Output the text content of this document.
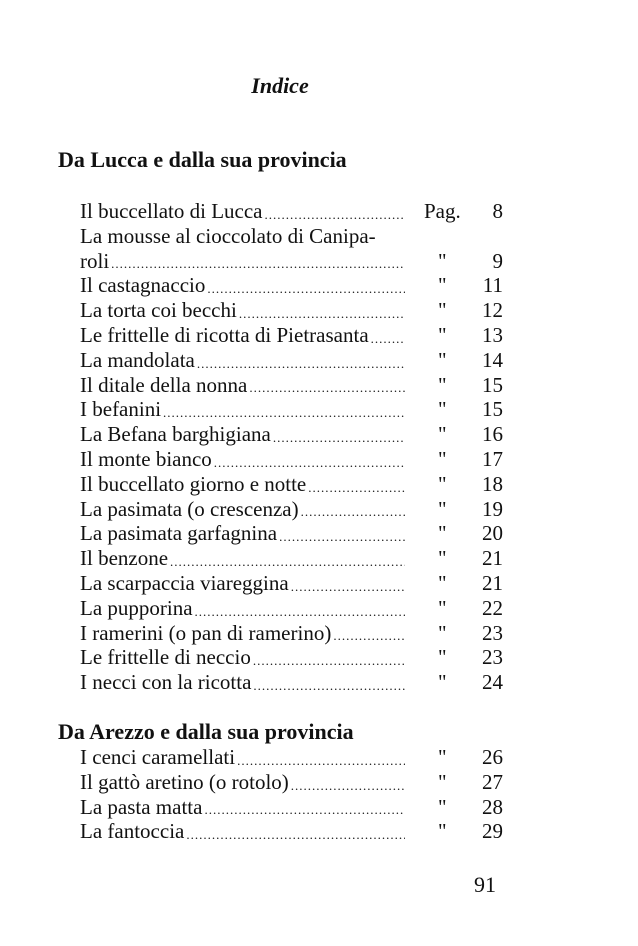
Indice
Da Lucca e dalla sua provincia
Il buccellato di Lucca .....	Pag.	8
La mousse al cioccolato di Canipa-
roli .....	"	9
Il castagnaccio .....	"	11
La torta coi becchi .....	"	12
Le frittelle di ricotta di Pietrasanta .....	"	13
La mandolata .....	"	14
Il ditale della nonna .....	"	15
I befanini .....	"	15
La Befana barghigiana .....	"	16
Il monte bianco .....	"	17
Il buccellato giorno e notte .....	"	18
La pasimata (o crescenza) .....	"	19
La pasimata garfagnina .....	"	20
Il benzone .....	"	21
La scarpaccia viareggina .....	"	21
La pupporina .....	"	22
I ramerini (o pan di ramerino) .....	"	23
Le frittelle di neccio .....	"	23
I necci con la ricotta .....	"	24
Da Arezzo e dalla sua provincia
I cenci caramellati .....	"	26
Il gattò aretino (o rotolo) .....	"	27
La pasta matta .....	"	28
La fantoccia .....	"	29
91
